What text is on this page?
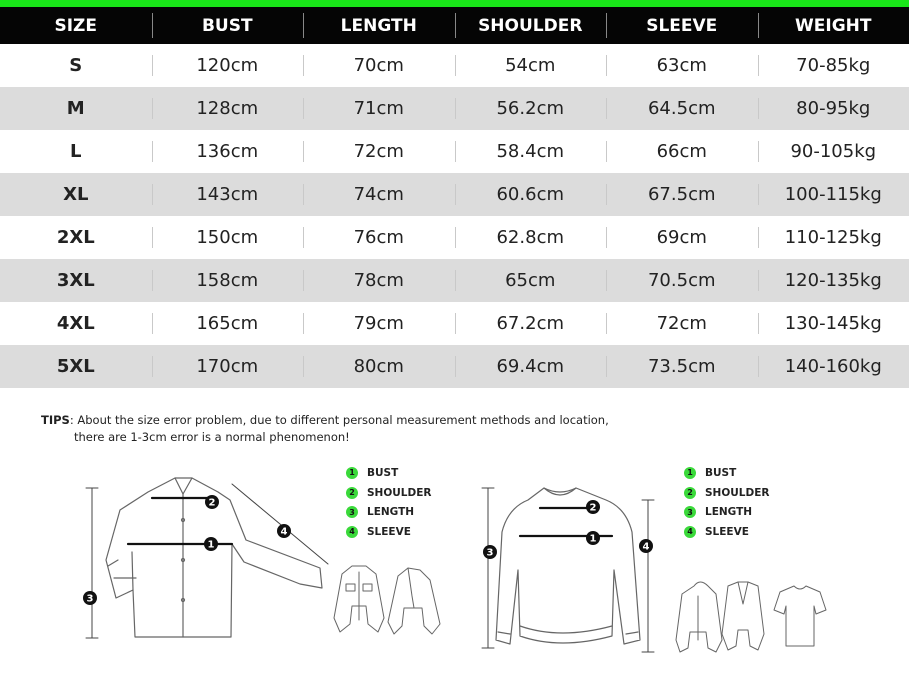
SIZE	BUST	LENGTH	SHOULDER	SLEEVE	WEIGHT
S	120cm	70cm	54cm	63cm	70-85kg
M	128cm	71cm	56.2cm	64.5cm	80-95kg
L	136cm	72cm	58.4cm	66cm	90-105kg
XL	143cm	74cm	60.6cm	67.5cm	100-115kg
2XL	150cm	76cm	62.8cm	69cm	110-125kg
3XL	158cm	78cm	65cm	70.5cm	120-135kg
4XL	165cm	79cm	67.2cm	72cm	130-145kg
5XL	170cm	80cm	69.4cm	73.5cm	140-160kg
TIPS: About the size error problem, due to different personal measurement methods and location,
there are 1-3cm error is a normal phenomenon!
1
2
3
4
1
2
3
4
1	BUST
2	SHOULDER
3	LENGTH
4	SLEEVE
1	BUST
2	SHOULDER
3	LENGTH
4	SLEEVE
